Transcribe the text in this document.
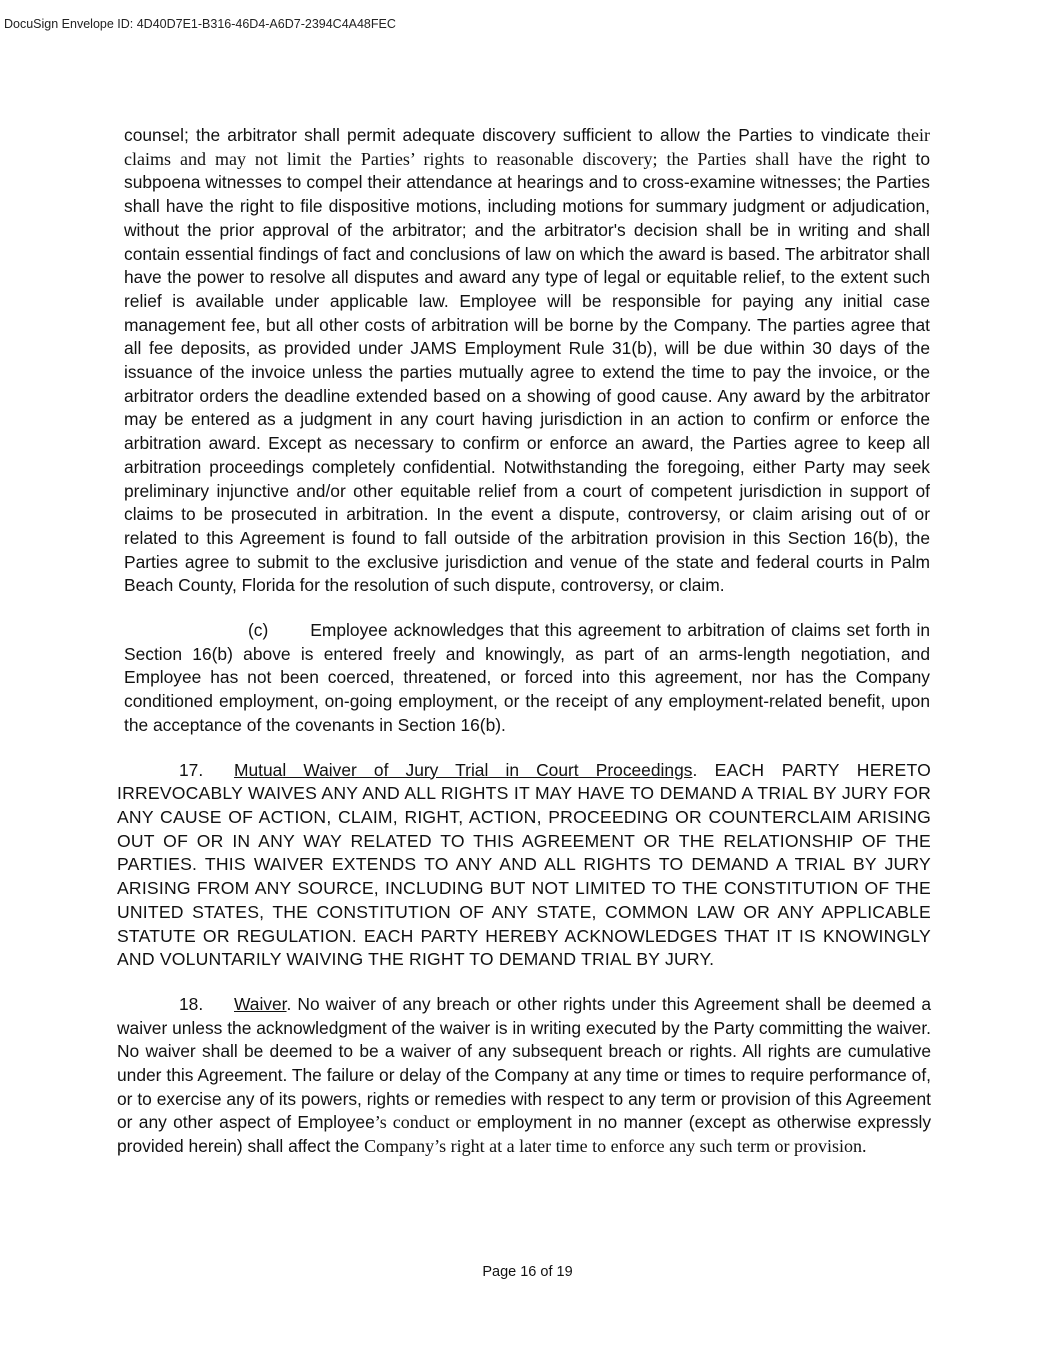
DocuSign Envelope ID: 4D40D7E1-B316-46D4-A6D7-2394C4A48FEC

counsel; the arbitrator shall permit adequate discovery sufficient to allow the Parties to vindicate their claims and may not limit the Parties’ rights to reasonable discovery; the Parties shall have the right to subpoena witnesses to compel their attendance at hearings and to cross-examine witnesses; the Parties shall have the right to file dispositive motions, including motions for summary judgment or adjudication, without the prior approval of the arbitrator; and the arbitrator's decision shall be in writing and shall contain essential findings of fact and conclusions of law on which the award is based. The arbitrator shall have the power to resolve all disputes and award any type of legal or equitable relief, to the extent such relief is available under applicable law. Employee will be responsible for paying any initial case management fee, but all other costs of arbitration will be borne by the Company. The parties agree that all fee deposits, as provided under JAMS Employment Rule 31(b), will be due within 30 days of the issuance of the invoice unless the parties mutually agree to extend the time to pay the invoice, or the arbitrator orders the deadline extended based on a showing of good cause. Any award by the arbitrator may be entered as a judgment in any court having jurisdiction in an action to confirm or enforce the arbitration award. Except as necessary to confirm or enforce an award, the Parties agree to keep all arbitration proceedings completely confidential. Notwithstanding the foregoing, either Party may seek preliminary injunctive and/or other equitable relief from a court of competent jurisdiction in support of claims to be prosecuted in arbitration. In the event a dispute, controversy, or claim arising out of or related to this Agreement is found to fall outside of the arbitration provision in this Section 16(b), the Parties agree to submit to the exclusive jurisdiction and venue of the state and federal courts in Palm Beach County, Florida for the resolution of such dispute, controversy, or claim.

(c) Employee acknowledges that this agreement to arbitration of claims set forth in Section 16(b) above is entered freely and knowingly, as part of an arms-length negotiation, and Employee has not been coerced, threatened, or forced into this agreement, nor has the Company conditioned employment, on-going employment, or the receipt of any employment-related benefit, upon the acceptance of the covenants in Section 16(b).

17. Mutual Waiver of Jury Trial in Court Proceedings. EACH PARTY HERETO IRREVOCABLY WAIVES ANY AND ALL RIGHTS IT MAY HAVE TO DEMAND A TRIAL BY JURY FOR ANY CAUSE OF ACTION, CLAIM, RIGHT, ACTION, PROCEEDING OR COUNTERCLAIM ARISING OUT OF OR IN ANY WAY RELATED TO THIS AGREEMENT OR THE RELATIONSHIP OF THE PARTIES. THIS WAIVER EXTENDS TO ANY AND ALL RIGHTS TO DEMAND A TRIAL BY JURY ARISING FROM ANY SOURCE, INCLUDING BUT NOT LIMITED TO THE CONSTITUTION OF THE UNITED STATES, THE CONSTITUTION OF ANY STATE, COMMON LAW OR ANY APPLICABLE STATUTE OR REGULATION. EACH PARTY HEREBY ACKNOWLEDGES THAT IT IS KNOWINGLY AND VOLUNTARILY WAIVING THE RIGHT TO DEMAND TRIAL BY JURY.

18. Waiver. No waiver of any breach or other rights under this Agreement shall be deemed a waiver unless the acknowledgment of the waiver is in writing executed by the Party committing the waiver. No waiver shall be deemed to be a waiver of any subsequent breach or rights. All rights are cumulative under this Agreement. The failure or delay of the Company at any time or times to require performance of, or to exercise any of its powers, rights or remedies with respect to any term or provision of this Agreement or any other aspect of Employee’s conduct or employment in no manner (except as otherwise expressly provided herein) shall affect the Company’s right at a later time to enforce any such term or provision.

Page 16 of 19
